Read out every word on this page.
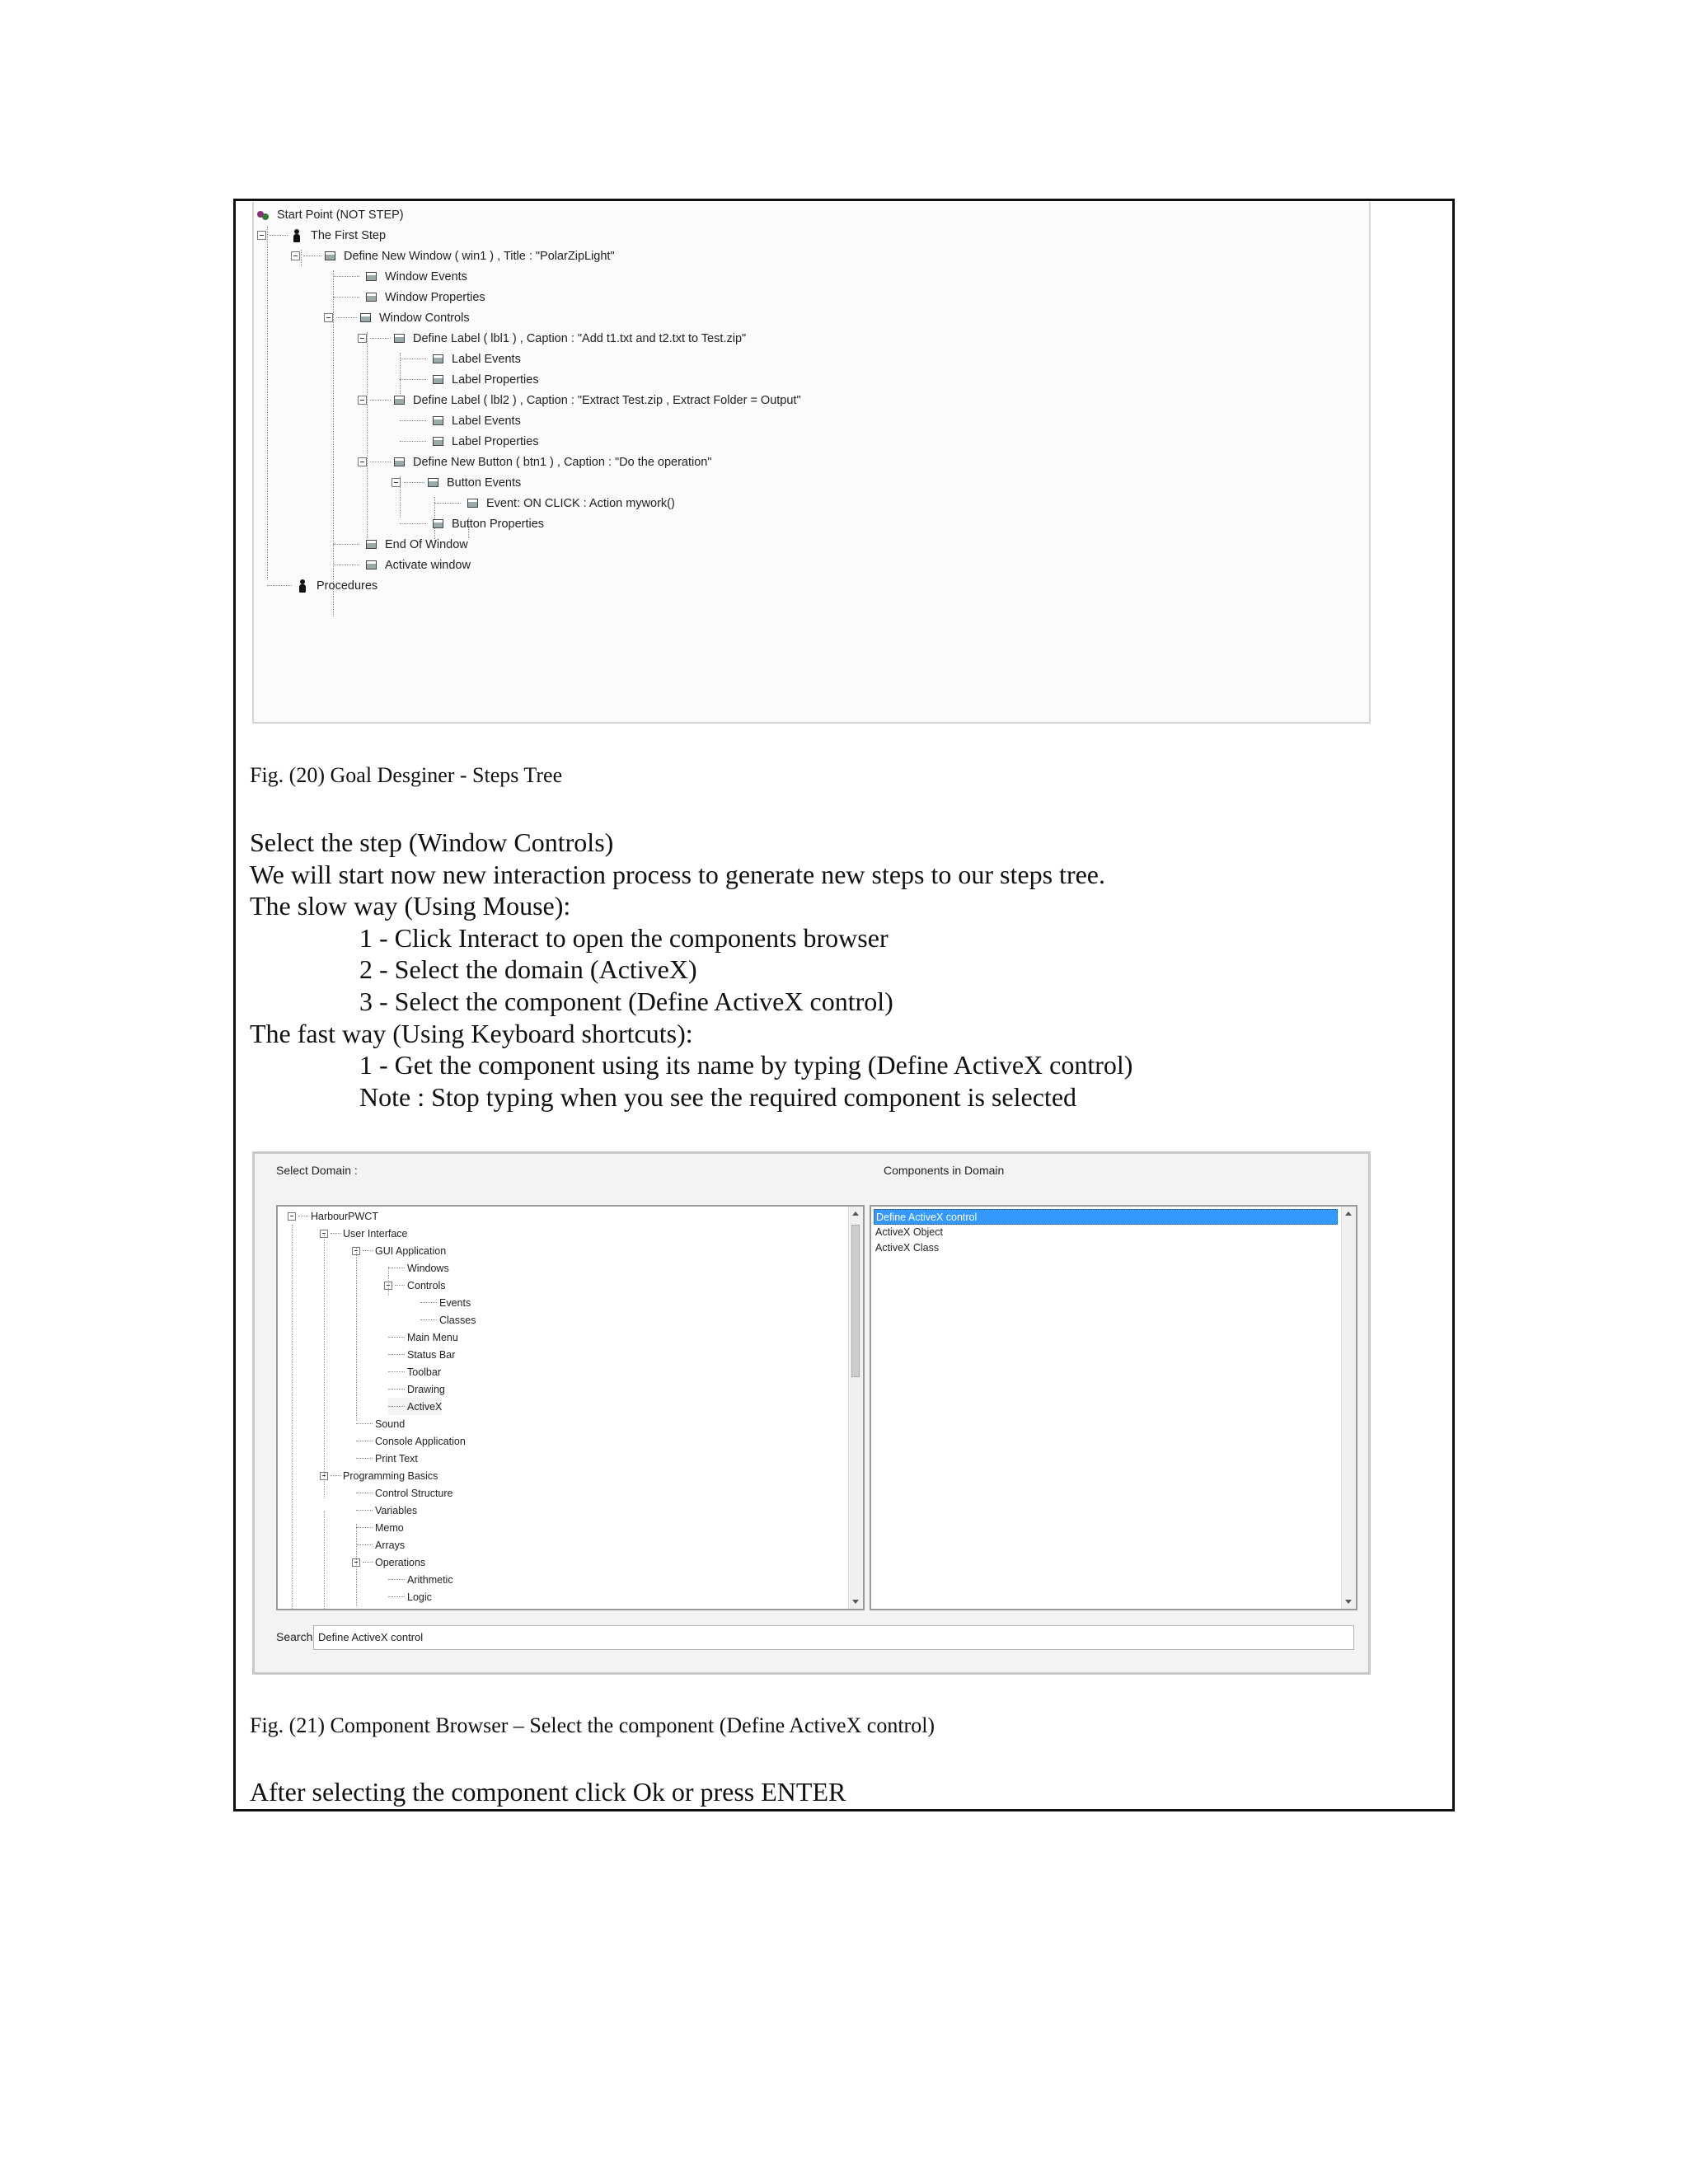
Start Point (NOT STEP)
The First Step
Define New Window ( win1 ) , Title : "PolarZipLight"
Window Events
Window Properties
Window Controls
Define Label ( lbl1 ) , Caption : "Add t1.txt and t2.txt to Test.zip"
Label Events
Label Properties
Define Label ( lbl2 ) , Caption : "Extract Test.zip , Extract Folder = Output"
Label Events
Label Properties
Define New Button ( btn1 ) , Caption : "Do the operation"
Button Events
Event: ON CLICK : Action mywork()
Button Properties
End Of Window
Activate window
Procedures
Fig. (20) Goal Desginer - Steps Tree
Select the step (Window Controls)
We will start now new interaction process to generate new steps to our steps tree.
The slow way (Using Mouse):
1 - Click Interact to open the components browser
2 - Select the domain (ActiveX)
3 - Select the component (Define ActiveX control)
The fast way (Using Keyboard shortcuts):
1 - Get the component using its name by typing (Define ActiveX control)
Note : Stop typing when you see the required component is selected
Select Domain :	Components in Domain
HarbourPWCT
User Interface
GUI Application
Windows
Controls
Events
Classes
Main Menu
Status Bar
Toolbar
Drawing
ActiveX
Sound
Console Application
Print Text
Programming Basics
Control Structure
Variables
Memo
Arrays
Operations
Arithmetic
Logic
Define ActiveX control
ActiveX Object
ActiveX Class
Search Define ActiveX control
Fig. (21) Component Browser – Select the component (Define ActiveX control)
After selecting the component click Ok or press ENTER
